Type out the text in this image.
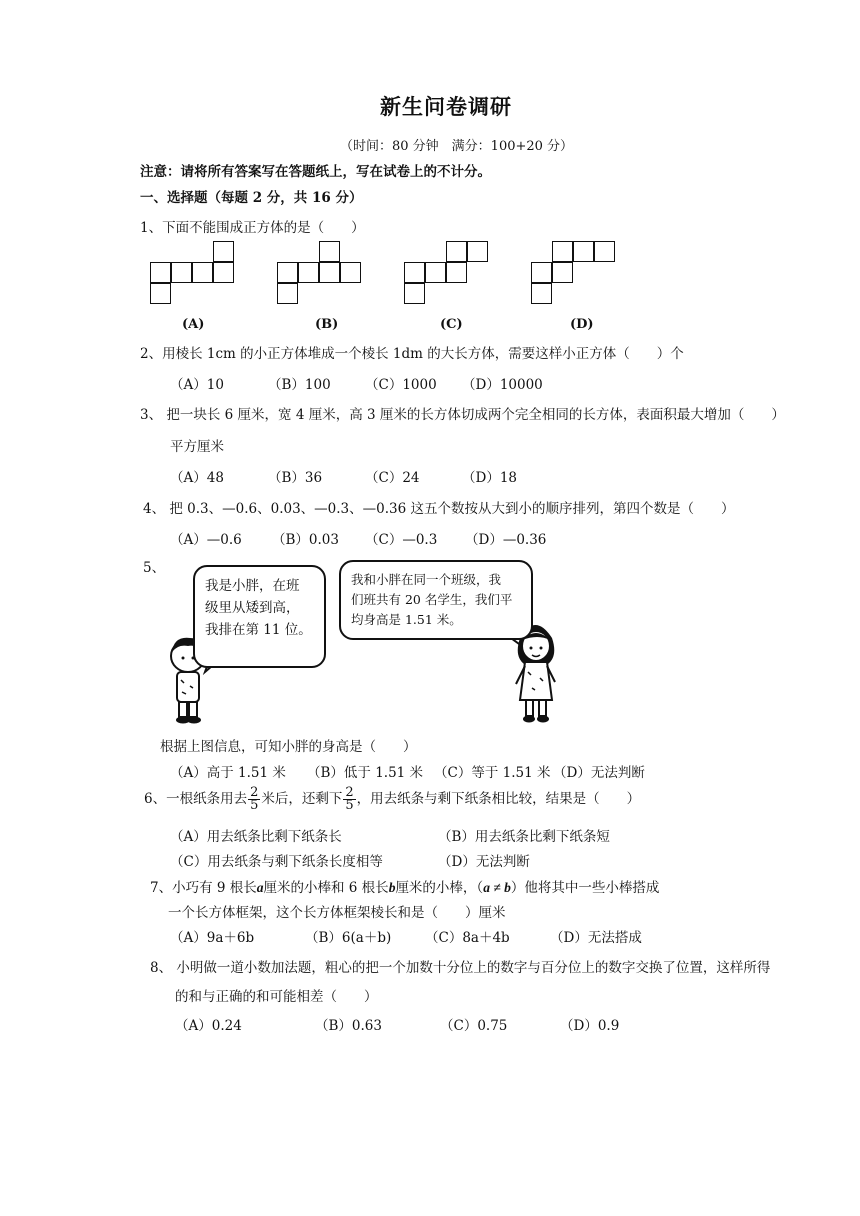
新生问卷调研
（时间：80 分钟　满分：100+20 分）
注意：请将所有答案写在答题纸上，写在试卷上的不计分。
一、选择题（每题 2 分，共 16 分）
1、下面不能围成正方体的是（　　）
(A)	(B)	(C)	(D)
2、用棱长 1cm 的小正方体堆成一个棱长 1dm 的大长方体，需要这样小正方体（　　）个
（A）10	（B）100	（C）1000 （D）10000
3、 把一块长 6 厘米，宽 4 厘米，高 3 厘米的长方体切成两个完全相同的长方体，表面积最大增加（　　）
平方厘米
（A）48	（B）36	（C）24	（D）18
4、 把 0.3、—0.6、0.03、—0.3、—0.36 这五个数按从大到小的顺序排列，第四个数是（　　）
（A）—0.6 （B）0.03 （C）—0.3 （D）—0.36
5、
我是小胖，在班
级里从矮到高，
我排在第 11 位。
我和小胖在同一个班级，我
们班共有 20 名学生，我们平
均身高是 1.51 米。
根据上图信息，可知小胖的身高是（　　）
（A）高于 1.51 米 （B）低于 1.51 米 （C）等于 1.51 米 （D）无法判断
6、一根纸条用去 $\frac{2}{5}$ 米后，还剩下 $\frac{2}{5}$ ，用去纸条与剩下纸条相比较，结果是（　　）
（A）用去纸条比剩下纸条长	（B）用去纸条比剩下纸条短
（C）用去纸条与剩下纸条长度相等	（D）无法判断
7、小巧有 9 根长a厘米的小棒和 6 根长b厘米的小棒，（a ≠ b）他将其中一些小棒搭成
一个长方体框架，这个长方体框架棱长和是（　　）厘米
（A）9a＋6b	（B）6(a＋b)	（C）8a＋4b	（D）无法搭成
8、 小明做一道小数加法题，粗心的把一个加数十分位上的数字与百分位上的数字交换了位置，这样所得
的和与正确的和可能相差（　　）
（A）0.24	（B）0.63	（C）0.75	（D）0.9
